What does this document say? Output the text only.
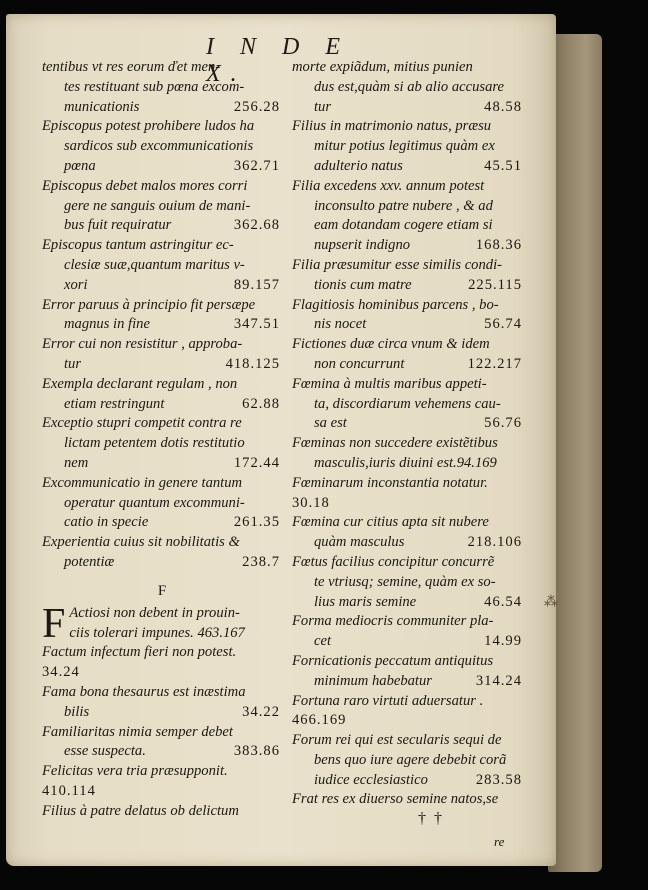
I N D E X.
tentibus vt res eorum ďet men-
tes restituant sub pœna excom-
municationis	256.28
Episcopus potest prohibere ludos ha
sardicos sub excommunicationis
pœna	362.71
Episcopus debet malos mores corri
gere ne sanguis ouium de mani-
bus fuit requiratur	362.68
Episcopus tantum astringitur ec-
clesiæ suæ,quantum maritus v-
xori	89.157
Error paruus à principio fit persæpe
magnus in fine	347.51
Error cui non resistitur , approba-
tur	418.125
Exempla declarant regulam , non
etiam restringunt	62.88
Exceptio stupri competit contra re
lictam petentem dotis restitutio
nem	172.44
Excommunicatio in genere tantum
operatur quantum excommuni-
catio in specie	261.35
Experientia cuius sit nobilitatis &
potentiæ	238.7
F
F Actiosi non debent in prouin-
ciis tolerari impunes. 463.167
Factum infectum fieri non potest.
34.24
Fama bona thesaurus est inæstima
bilis	34.22
Familiaritas nimia semper debet
esse suspecta.	383.86
Felicitas vera tria præsupponit.
410.114
Filius à patre delatus ob delictum
morte expiãdum, mitius punien
dus est,quàm si ab alio accusare
tur	48.58
Filius in matrimonio natus, præsu
mitur potius legitimus quàm ex
adulterio natus	45.51
Filia excedens xxv. annum potest
inconsulto patre nubere , & ad
eam dotandam cogere etiam si
nupserit indigno	168.36
Filia præsumitur esse similis condi-
tionis cum matre	225.115
Flagitiosis hominibus parcens , bo-
nis nocet	56.74
Fictiones duæ circa vnum & idem
non concurrunt	122.217
Fœmina à multis maribus appeti-
ta, discordiarum vehemens cau-
sa est	56.76
Fœminas non succedere existẽtibus
masculis,iuris diuini est.94.169
Fœminarum inconstantia notatur.
30.18
Fœmina cur citius apta sit nubere
quàm masculus	218.106
Fœtus facilius concipitur concurrẽ
te vtriusq; semine, quàm ex so-
lius maris semine	46.54
Forma mediocris communiter pla-
cet	14.99
Fornicationis peccatum antiquitus
minimum habebatur	314.24
Fortuna raro virtuti aduersatur .
466.169
Forum rei qui est secularis sequi de
bens quo iure agere debebit corã
iudice ecclesiastico	283.58
Frat res ex diuerso semine natos,se
† †
re
⁂
